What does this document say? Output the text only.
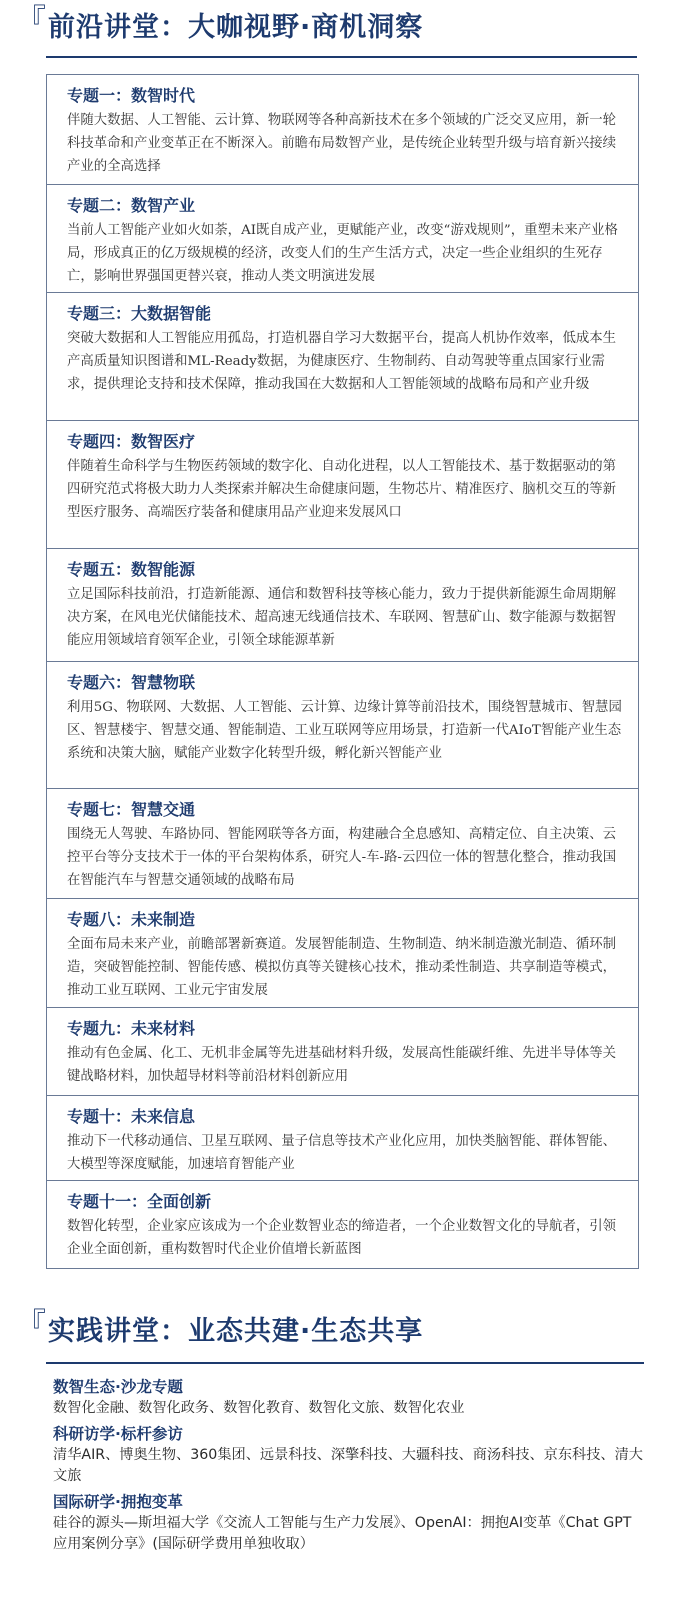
『 前沿讲堂：大咖视野·商机洞察
专题一：数智时代
伴随大数据、人工智能、云计算、物联网等各种高新技术在多个领域的广泛交叉应用，新一轮科技革命和产业变革正在不断深入。前瞻布局数智产业，是传统企业转型升级与培育新兴接续产业的全高选择
专题二：数智产业
当前人工智能产业如火如荼，AI既自成产业，更赋能产业，改变“游戏规则”，重塑未来产业格局，形成真正的亿万级规模的经济，改变人们的生产生活方式，决定一些企业组织的生死存亡，影响世界强国更替兴衰，推动人类文明演进发展
专题三：大数据智能
突破大数据和人工智能应用孤岛，打造机器自学习大数据平台，提高人机协作效率，低成本生产高质量知识图谱和ML-Ready数据，为健康医疗、生物制药、自动驾驶等重点国家行业需求，提供理论支持和技术保障，推动我国在大数据和人工智能领域的战略布局和产业升级
专题四：数智医疗
伴随着生命科学与生物医药领域的数字化、自动化进程，以人工智能技术、基于数据驱动的第四研究范式将极大助力人类探索并解决生命健康问题，生物芯片、精准医疗、脑机交互的等新型医疗服务、高端医疗装备和健康用品产业迎来发展风口
专题五：数智能源
立足国际科技前沿，打造新能源、通信和数智科技等核心能力，致力于提供新能源生命周期解决方案，在风电光伏储能技术、超高速无线通信技术、车联网、智慧矿山、数字能源与数据智能应用领域培育领军企业，引领全球能源革新
专题六：智慧物联
利用5G、物联网、大数据、人工智能、云计算、边缘计算等前沿技术，围绕智慧城市、智慧园区、智慧楼宇、智慧交通、智能制造、工业互联网等应用场景，打造新一代AIoT智能产业生态系统和决策大脑，赋能产业数字化转型升级，孵化新兴智能产业
专题七：智慧交通
围绕无人驾驶、车路协同、智能网联等各方面，构建融合全息感知、高精定位、自主决策、云控平台等分支技术于一体的平台架构体系，研究人-车-路-云四位一体的智慧化整合，推动我国在智能汽车与智慧交通领域的战略布局
专题八：未来制造
全面布局未来产业，前瞻部署新赛道。发展智能制造、生物制造、纳米制造激光制造、循环制造，突破智能控制、智能传感、模拟仿真等关键核心技术，推动柔性制造、共享制造等模式，推动工业互联网、工业元宇宙发展
专题九：未来材料
推动有色金属、化工、无机非金属等先进基础材料升级，发展高性能碳纤维、先进半导体等关键战略材料，加快超导材料等前沿材料创新应用
专题十：未来信息
推动下一代移动通信、卫星互联网、量子信息等技术产业化应用，加快类脑智能、群体智能、大模型等深度赋能，加速培育智能产业
专题十一：全面创新
数智化转型，企业家应该成为一个企业数智业态的缔造者，一个企业数智文化的导航者，引领企业全面创新，重构数智时代企业价值增长新蓝图
『 实践讲堂：业态共建·生态共享
数智生态·沙龙专题
数智化金融、数智化政务、数智化教育、数智化文旅、数智化农业
科研访学·标杆参访
清华AIR、博奥生物、360集团、远景科技、深擎科技、大疆科技、商汤科技、京东科技、清大文旅
国际研学·拥抱变革
硅谷的源头—斯坦福大学《交流人工智能与生产力发展》、OpenAI：拥抱AI变革《Chat GPT 应用案例分享》(国际研学费用单独收取）
